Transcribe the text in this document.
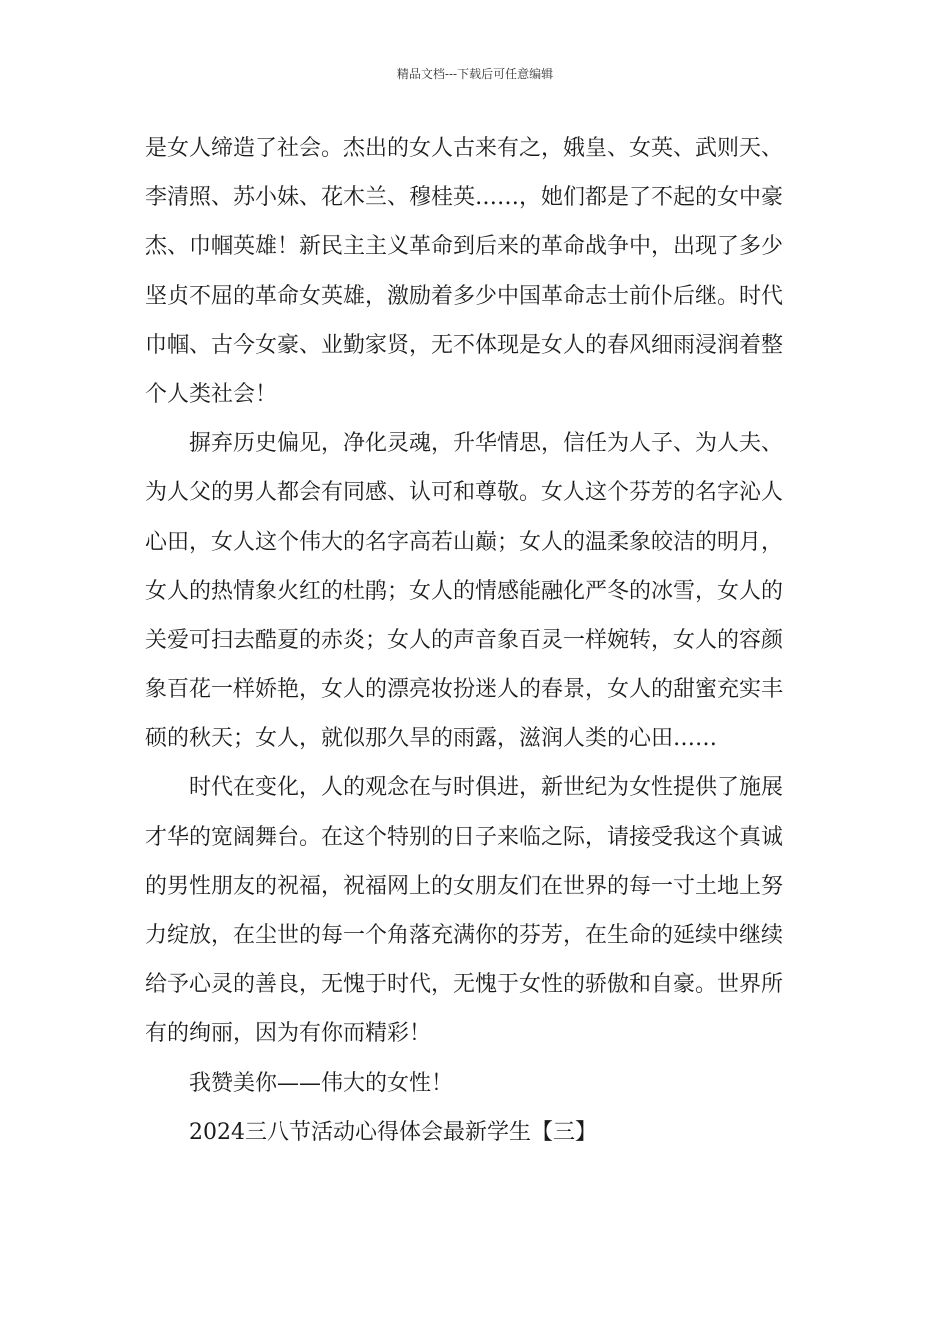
精品文档---下载后可任意编辑
是女人缔造了社会。杰出的女人古来有之，娥皇、女英、武则天、
李清照、苏小妹、花木兰、穆桂英……，她们都是了不起的女中豪
杰、巾帼英雄！新民主主义革命到后来的革命战争中，出现了多少
坚贞不屈的革命女英雄，激励着多少中国革命志士前仆后继。时代
巾帼、古今女豪、业勤家贤，无不体现是女人的春风细雨浸润着整
个人类社会！
摒弃历史偏见，净化灵魂，升华情思，信任为人子、为人夫、
为人父的男人都会有同感、认可和尊敬。女人这个芬芳的名字沁人
心田，女人这个伟大的名字高若山巅；女人的温柔象皎洁的明月，
女人的热情象火红的杜鹃；女人的情感能融化严冬的冰雪，女人的
关爱可扫去酷夏的赤炎；女人的声音象百灵一样婉转，女人的容颜
象百花一样娇艳，女人的漂亮妆扮迷人的春景，女人的甜蜜充实丰
硕的秋天；女人，就似那久旱的雨露，滋润人类的心田……
时代在变化，人的观念在与时俱进，新世纪为女性提供了施展
才华的宽阔舞台。在这个特别的日子来临之际，请接受我这个真诚
的男性朋友的祝福，祝福网上的女朋友们在世界的每一寸土地上努
力绽放，在尘世的每一个角落充满你的芬芳，在生命的延续中继续
给予心灵的善良，无愧于时代，无愧于女性的骄傲和自豪。世界所
有的绚丽，因为有你而精彩！
我赞美你——伟大的女性！
2024三八节活动心得体会最新学生【三】
